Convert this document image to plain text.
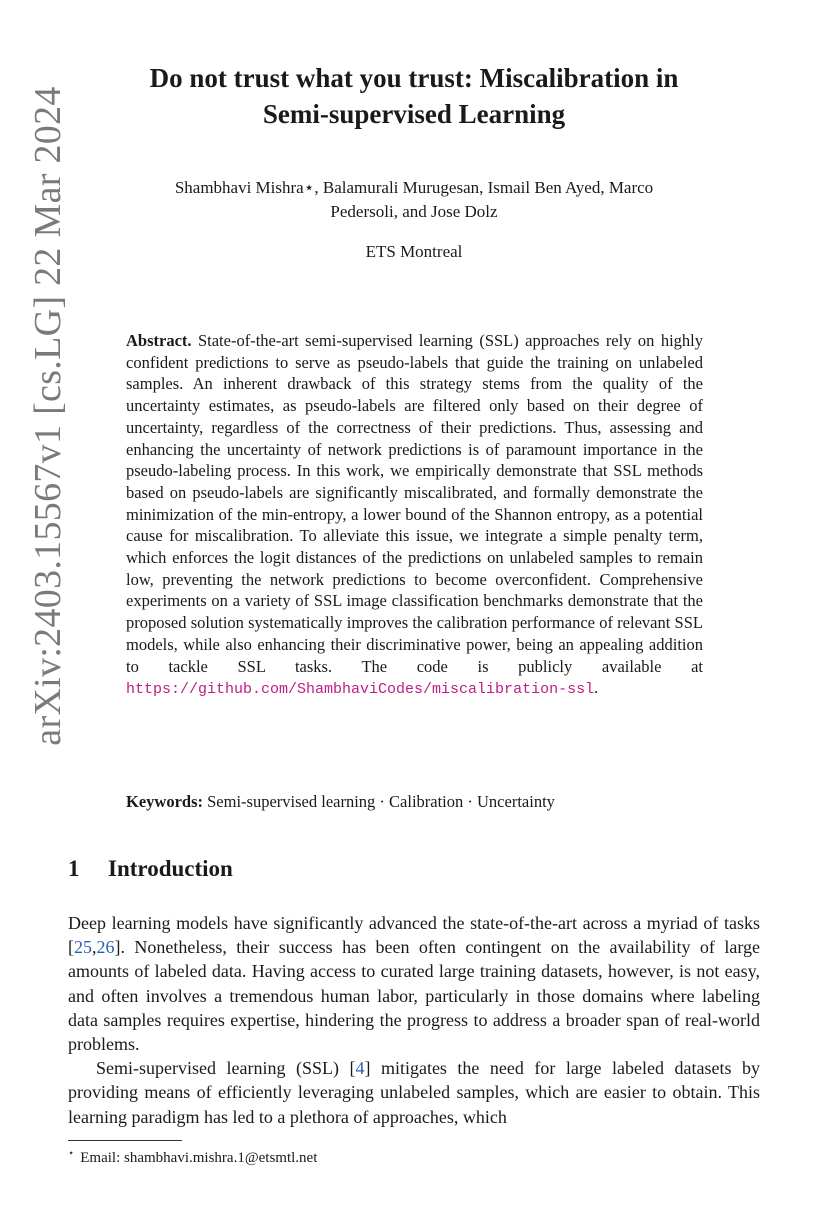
arXiv:2403.15567v1 [cs.LG] 22 Mar 2024
Do not trust what you trust: Miscalibration in
Semi-supervised Learning

Shambhavi Mishra⋆, Balamurali Murugesan, Ismail Ben Ayed, Marco
Pedersoli, and Jose Dolz

ETS Montreal

Abstract. State-of-the-art semi-supervised learning (SSL) approaches rely on highly confident predictions to serve as pseudo-labels that guide the training on unlabeled samples. An inherent drawback of this strategy stems from the quality of the uncertainty estimates, as pseudo-labels are filtered only based on their degree of uncertainty, regardless of the correctness of their predictions. Thus, assessing and enhancing the uncertainty of network predictions is of paramount importance in the pseudo-labeling process. In this work, we empirically demonstrate that SSL methods based on pseudo-labels are significantly miscalibrated, and formally demonstrate the minimization of the min-entropy, a lower bound of the Shannon entropy, as a potential cause for miscalibration. To alleviate this issue, we integrate a simple penalty term, which enforces the logit distances of the predictions on unlabeled samples to remain low, preventing the network predictions to become overconfident. Comprehensive experiments on a variety of SSL image classification benchmarks demonstrate that the proposed solution systematically improves the calibration performance of relevant SSL models, while also enhancing their discriminative power, being an appealing addition to tackle SSL tasks. The code is publicly available at https://github.com/ShambhaviCodes/miscalibration-ssl.

Keywords: Semi-supervised learning · Calibration · Uncertainty

1 Introduction

Deep learning models have significantly advanced the state-of-the-art across a myriad of tasks [25,26]. Nonetheless, their success has been often contingent on the availability of large amounts of labeled data. Having access to curated large training datasets, however, is not easy, and often involves a tremendous human labor, particularly in those domains where labeling data samples requires expertise, hindering the progress to address a broader span of real-world problems.

Semi-supervised learning (SSL) [4] mitigates the need for large labeled datasets by providing means of efficiently leveraging unlabeled samples, which are easier to obtain. This learning paradigm has led to a plethora of approaches, which

⋆ Email: shambhavi.mishra.1@etsmtl.net
